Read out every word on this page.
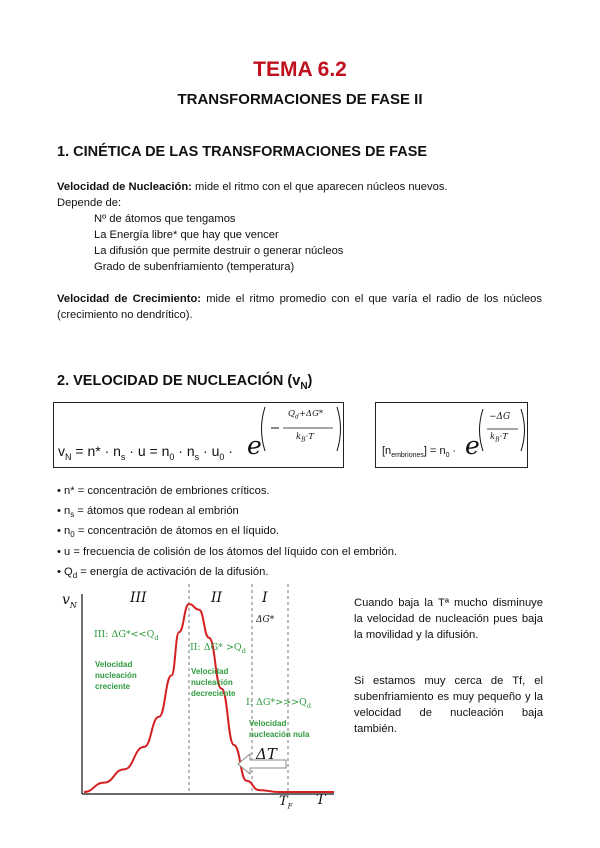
TEMA 6.2
TRANSFORMACIONES DE FASE II
1. CINÉTICA DE LAS TRANSFORMACIONES DE FASE
Velocidad de Nucleación: mide el ritmo con el que aparecen núcleos nuevos.
Depende de:
Nº de átomos que tengamos
La Energía libre* que hay que vencer
La difusión que permite destruir o generar núcleos
Grado de subenfriamiento (temperatura)
Velocidad de Crecimiento: mide el ritmo promedio con el que varía el radio de los núcleos (crecimiento no dendrítico).
2. VELOCIDAD DE NUCLEACIÓN $(v_N)$
$v_N = n* \cdot n_s \cdot u = n_0 \cdot n_s \cdot u_0 \cdot e$
$Q_d+\Delta G*$
$k_B\cdot T$
$[n_{embriones}] = n_0 \cdot e$
−ΔG
$k_B\cdot T$
• n* = concentración de embriones críticos.
• $n_s$ = átomos que rodean al embrión
• $n_0$ = concentración de átomos en el líquido.
• u = frecuencia de colisión de los átomos del líquido con el embrión.
• $Q_d$ = energía de activación de la difusión.
$v_N$	III	II	I
ΔG*
III: $\Delta G*<<Q_d$
Velocidad nucleación creciente
II: $\Delta G* >Q_d$
Velocidad nucleación decreciente
I: $\Delta G*>>>Q_d$
Velocidad nucleación nula
ΔT
$T_F$ T

Cuando baja la Tª mucho disminuye la velocidad de nucleación pues baja la movilidad y la difusión.

Si estamos muy cerca de Tf, el subenfriamiento es muy pequeño y la velocidad de nucleación baja también.
